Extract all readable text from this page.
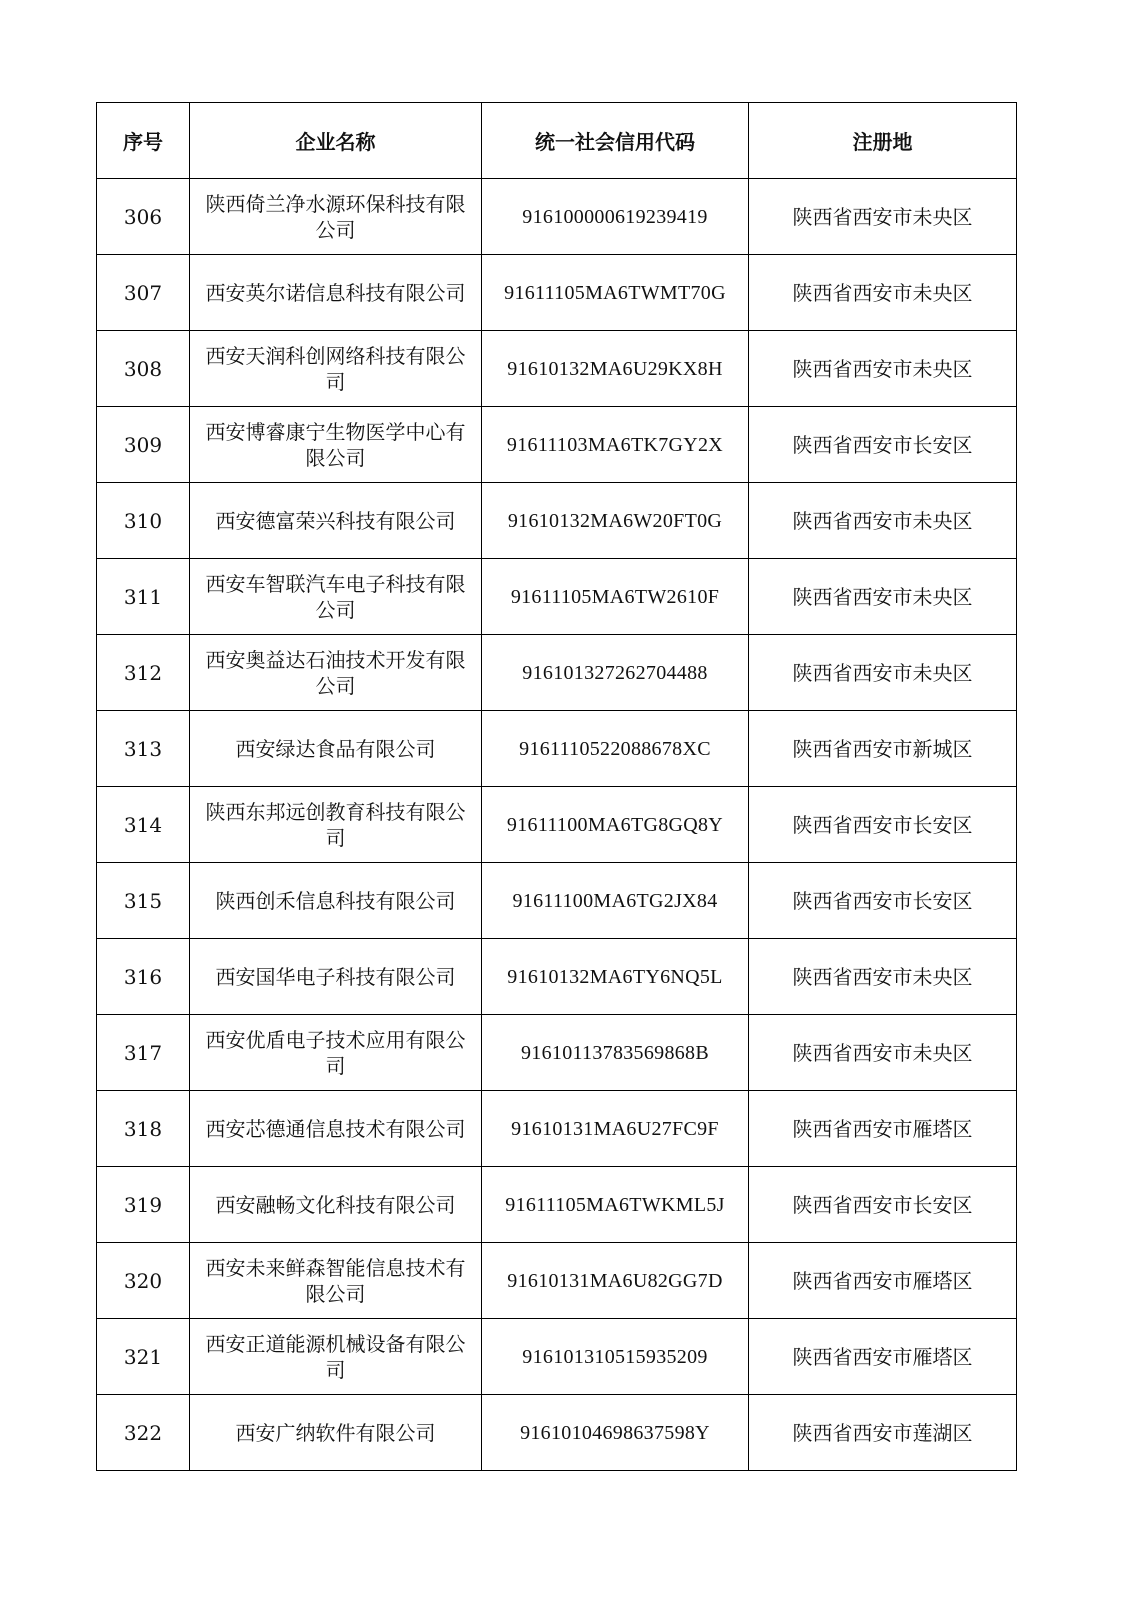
序号	企业名称	统一社会信用代码	注册地
306	陕西倚兰净水源环保科技有限公司	916100000619239419	陕西省西安市未央区
307	西安英尔诺信息科技有限公司	91611105MA6TWMT70G	陕西省西安市未央区
308	西安天润科创网络科技有限公司	91610132MA6U29KX8H	陕西省西安市未央区
309	西安博睿康宁生物医学中心有限公司	91611103MA6TK7GY2X	陕西省西安市长安区
310	西安德富荣兴科技有限公司	91610132MA6W20FT0G	陕西省西安市未央区
311	西安车智联汽车电子科技有限公司	91611105MA6TW2610F	陕西省西安市未央区
312	西安奥益达石油技术开发有限公司	916101327262704488	陕西省西安市未央区
313	西安绿达食品有限公司	9161110522088678XC	陕西省西安市新城区
314	陕西东邦远创教育科技有限公司	91611100MA6TG8GQ8Y	陕西省西安市长安区
315	陕西创禾信息科技有限公司	91611100MA6TG2JX84	陕西省西安市长安区
316	西安国华电子科技有限公司	91610132MA6TY6NQ5L	陕西省西安市未央区
317	西安优盾电子技术应用有限公司	91610113783569868B	陕西省西安市未央区
318	西安芯德通信息技术有限公司	91610131MA6U27FC9F	陕西省西安市雁塔区
319	西安融畅文化科技有限公司	91611105MA6TWKML5J	陕西省西安市长安区
320	西安未来鲜森智能信息技术有限公司	91610131MA6U82GG7D	陕西省西安市雁塔区
321	西安正道能源机械设备有限公司	916101310515935209	陕西省西安市雁塔区
322	西安广纳软件有限公司	91610104698637598Y	陕西省西安市莲湖区
